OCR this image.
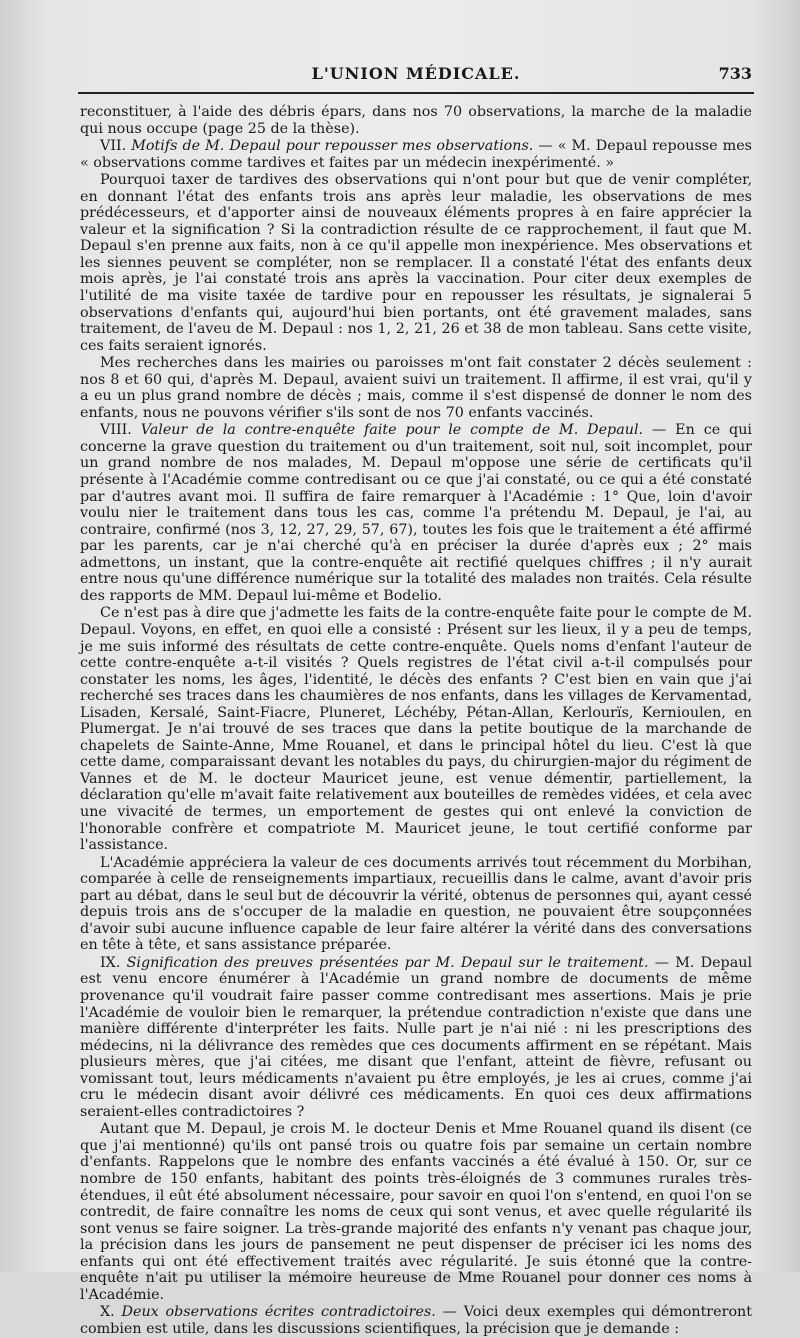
L'UNION MÉDICALE.	733

reconstituer, à l'aide des débris épars, dans nos 70 observations, la marche de la maladie qui nous occupe (page 25 de la thèse).

VII. Motifs de M. Depaul pour repousser mes observations. — « M. Depaul repousse mes « observations comme tardives et faites par un médecin inexpérimenté. »

Pourquoi taxer de tardives des observations qui n'ont pour but que de venir compléter, en donnant l'état des enfants trois ans après leur maladie, les observations de mes prédécesseurs, et d'apporter ainsi de nouveaux éléments propres à en faire apprécier la valeur et la signification ? Si la contradiction résulte de ce rapprochement, il faut que M. Depaul s'en prenne aux faits, non à ce qu'il appelle mon inexpérience. Mes observations et les siennes peuvent se compléter, non se remplacer. Il a constaté l'état des enfants deux mois après, je l'ai constaté trois ans après la vaccination. Pour citer deux exemples de l'utilité de ma visite taxée de tardive pour en repousser les résultats, je signalerai 5 observations d'enfants qui, aujourd'hui bien portants, ont été gravement malades, sans traitement, de l'aveu de M. Depaul : nos 1, 2, 21, 26 et 38 de mon tableau. Sans cette visite, ces faits seraient ignorés.

Mes recherches dans les mairies ou paroisses m'ont fait constater 2 décès seulement : nos 8 et 60 qui, d'après M. Depaul, avaient suivi un traitement. Il affirme, il est vrai, qu'il y a eu un plus grand nombre de décès ; mais, comme il s'est dispensé de donner le nom des enfants, nous ne pouvons vérifier s'ils sont de nos 70 enfants vaccinés.

VIII. Valeur de la contre-enquête faite pour le compte de M. Depaul. — En ce qui concerne la grave question du traitement ou d'un traitement, soit nul, soit incomplet, pour un grand nombre de nos malades, M. Depaul m'oppose une série de certificats qu'il présente à l'Académie comme contredisant ou ce que j'ai constaté, ou ce qui a été constaté par d'autres avant moi. Il suffira de faire remarquer à l'Académie : 1° Que, loin d'avoir voulu nier le traitement dans tous les cas, comme l'a prétendu M. Depaul, je l'ai, au contraire, confirmé (nos 3, 12, 27, 29, 57, 67), toutes les fois que le traitement a été affirmé par les parents, car je n'ai cherché qu'à en préciser la durée d'après eux ; 2° mais admettons, un instant, que la contre-enquête ait rectifié quelques chiffres ; il n'y aurait entre nous qu'une différence numérique sur la totalité des malades non traités. Cela résulte des rapports de MM. Depaul lui-même et Bodelio.

Ce n'est pas à dire que j'admette les faits de la contre-enquête faite pour le compte de M. Depaul. Voyons, en effet, en quoi elle a consisté : Présent sur les lieux, il y a peu de temps, je me suis informé des résultats de cette contre-enquête. Quels noms d'enfant l'auteur de cette contre-enquête a-t-il visités ? Quels registres de l'état civil a-t-il compulsés pour constater les noms, les âges, l'identité, le décès des enfants ? C'est bien en vain que j'ai recherché ses traces dans les chaumières de nos enfants, dans les villages de Kervamentad, Lisaden, Kersalé, Saint-Fiacre, Pluneret, Léchéby, Pétan-Allan, Kerlourïs, Kernioulen, en Plumergat. Je n'ai trouvé de ses traces que dans la petite boutique de la marchande de chapelets de Sainte-Anne, Mme Rouanel, et dans le principal hôtel du lieu. C'est là que cette dame, comparaissant devant les notables du pays, du chirurgien-major du régiment de Vannes et de M. le docteur Mauricet jeune, est venue démentir, partiellement, la déclaration qu'elle m'avait faite relativement aux bouteilles de remèdes vidées, et cela avec une vivacité de termes, un emportement de gestes qui ont enlevé la conviction de l'honorable confrère et compatriote M. Mauricet jeune, le tout certifié conforme par l'assistance.

L'Académie appréciera la valeur de ces documents arrivés tout récemment du Morbihan, comparée à celle de renseignements impartiaux, recueillis dans le calme, avant d'avoir pris part au débat, dans le seul but de découvrir la vérité, obtenus de personnes qui, ayant cessé depuis trois ans de s'occuper de la maladie en question, ne pouvaient être soupçonnées d'avoir subi aucune influence capable de leur faire altérer la vérité dans des conversations en tête à tête, et sans assistance préparée.

IX. Signification des preuves présentées par M. Depaul sur le traitement. — M. Depaul est venu encore énumérer à l'Académie un grand nombre de documents de même provenance qu'il voudrait faire passer comme contredisant mes assertions. Mais je prie l'Académie de vouloir bien le remarquer, la prétendue contradiction n'existe que dans une manière différente d'interpréter les faits. Nulle part je n'ai nié : ni les prescriptions des médecins, ni la délivrance des remèdes que ces documents affirment en se répétant. Mais plusieurs mères, que j'ai citées, me disant que l'enfant, atteint de fièvre, refusant ou vomissant tout, leurs médicaments n'avaient pu être employés, je les ai crues, comme j'ai cru le médecin disant avoir délivré ces médicaments. En quoi ces deux affirmations seraient-elles contradictoires ?

Autant que M. Depaul, je crois M. le docteur Denis et Mme Rouanel quand ils disent (ce que j'ai mentionné) qu'ils ont pansé trois ou quatre fois par semaine un certain nombre d'enfants. Rappelons que le nombre des enfants vaccinés a été évalué à 150. Or, sur ce nombre de 150 enfants, habitant des points très-éloignés de 3 communes rurales très-étendues, il eût été absolument nécessaire, pour savoir en quoi l'on s'entend, en quoi l'on se contredit, de faire connaître les noms de ceux qui sont venus, et avec quelle régularité ils sont venus se faire soigner. La très-grande majorité des enfants n'y venant pas chaque jour, la précision dans les jours de pansement ne peut dispenser de préciser ici les noms des enfants qui ont été effectivement traités avec régularité. Je suis étonné que la contre-enquête n'ait pu utiliser la mémoire heureuse de Mme Rouanel pour donner ces noms à l'Académie.

X. Deux observations écrites contradictoires. — Voici deux exemples qui démontreront combien est utile, dans les discussions scientifiques, la précision que je demande :
